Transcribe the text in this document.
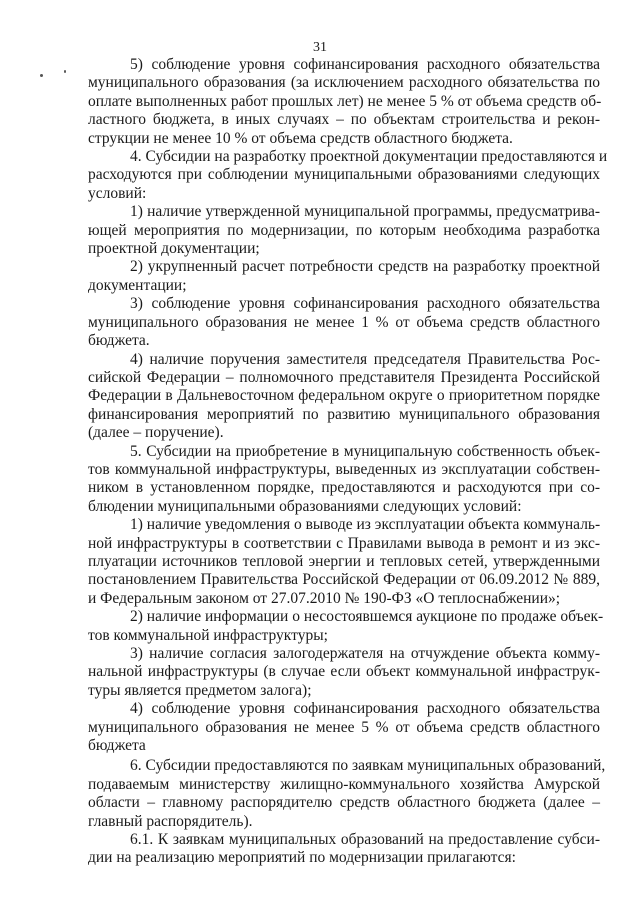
31
5) соблюдение уровня софинансирования расходного обязательства
муниципального образования (за исключением расходного обязательства по
оплате выполненных работ прошлых лет) не менее 5 % от объема средств об-
ластного бюджета, в иных случаях – по объектам строительства и рекон-
струкции не менее 10 % от объема средств областного бюджета.
4. Субсидии на разработку проектной документации предоставляются и
расходуются при соблюдении муниципальными образованиями следующих
условий:
1) наличие утвержденной муниципальной программы, предусматрива-
ющей мероприятия по модернизации, по которым необходима разработка
проектной документации;
2) укрупненный расчет потребности средств на разработку проектной
документации;
3) соблюдение уровня софинансирования расходного обязательства
муниципального образования не менее 1 % от объема средств областного
бюджета.
4) наличие поручения заместителя председателя Правительства Рос-
сийской Федерации – полномочного представителя Президента Российской
Федерации в Дальневосточном федеральном округе о приоритетном порядке
финансирования мероприятий по развитию муниципального образования
(далее – поручение).
5. Субсидии на приобретение в муниципальную собственность объек-
тов коммунальной инфраструктуры, выведенных из эксплуатации собствен-
ником в установленном порядке, предоставляются и расходуются при со-
блюдении муниципальными образованиями следующих условий:
1) наличие уведомления о выводе из эксплуатации объекта коммуналь-
ной инфраструктуры в соответствии с Правилами вывода в ремонт и из экс-
плуатации источников тепловой энергии и тепловых сетей, утвержденными
постановлением Правительства Российской Федерации от 06.09.2012 № 889,
и Федеральным законом от 27.07.2010 № 190-ФЗ «О теплоснабжении»;
2) наличие информации о несостоявшемся аукционе по продаже объек-
тов коммунальной инфраструктуры;
3) наличие согласия залогодержателя на отчуждение объекта комму-
нальной инфраструктуры (в случае если объект коммунальной инфраструк-
туры является предметом залога);
4) соблюдение уровня софинансирования расходного обязательства
муниципального образования не менее 5 % от объема средств областного
бюджета
6. Субсидии предоставляются по заявкам муниципальных образований,
подаваемым министерству жилищно-коммунального хозяйства Амурской
области – главному распорядителю средств областного бюджета (далее –
главный распорядитель).
6.1. К заявкам муниципальных образований на предоставление субси-
дии на реализацию мероприятий по модернизации прилагаются:
